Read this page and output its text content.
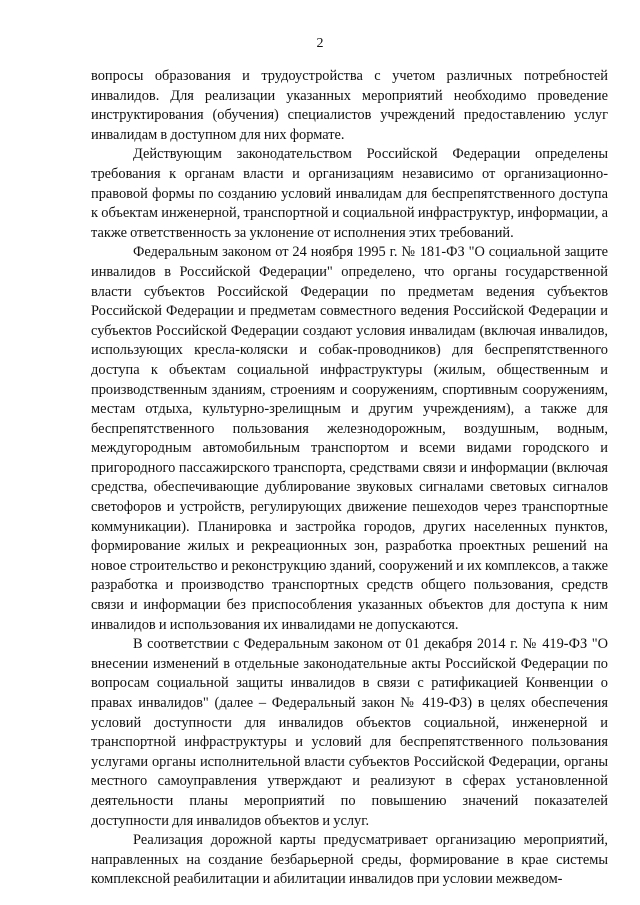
2

вопросы образования и трудоустройства с учетом различных потребностей инвалидов. Для реализации указанных мероприятий необходимо проведение инструктирования (обучения) специалистов учреждений предоставлению услуг инвалидам в доступном для них формате.

Действующим законодательством Российской Федерации определены требования к органам власти и организациям независимо от организационно-правовой формы по созданию условий инвалидам для беспрепятственного доступа к объектам инженерной, транспортной и социальной инфраструктур, информации, а также ответственность за уклонение от исполнения этих требований.

Федеральным законом от 24 ноября 1995 г. № 181-ФЗ "О социальной защите инвалидов в Российской Федерации" определено, что органы государственной власти субъектов Российской Федерации по предметам ведения субъектов Российской Федерации и предметам совместного ведения Российской Федерации и субъектов Российской Федерации создают условия инвалидам (включая инвалидов, использующих кресла-коляски и собак-проводников) для беспрепятственного доступа к объектам социальной инфраструктуры (жилым, общественным и производственным зданиям, строениям и сооружениям, спортивным сооружениям, местам отдыха, культурно-зрелищным и другим учреждениям), а также для беспрепятственного пользования железнодорожным, воздушным, водным, междугородным автомобильным транспортом и всеми видами городского и пригородного пассажирского транспорта, средствами связи и информации (включая средства, обеспечивающие дублирование звуковых сигналами световых сигналов светофоров и устройств, регулирующих движение пешеходов через транспортные коммуникации). Планировка и застройка городов, других населенных пунктов, формирование жилых и рекреационных зон, разработка проектных решений на новое строительство и реконструкцию зданий, сооружений и их комплексов, а также разработка и производство транспортных средств общего пользования, средств связи и информации без приспособления указанных объектов для доступа к ним инвалидов и использования их инвалидами не допускаются.

В соответствии с Федеральным законом от 01 декабря 2014 г. № 419-ФЗ "О внесении изменений в отдельные законодательные акты Российской Федерации по вопросам социальной защиты инвалидов в связи с ратификацией Конвенции о правах инвалидов" (далее – Федеральный закон № 419-ФЗ) в целях обеспечения условий доступности для инвалидов объектов социальной, инженерной и транспортной инфраструктуры и условий для беспрепятственного пользования услугами органы исполнительной власти субъектов Российской Федерации, органы местного самоуправления утверждают и реализуют в сферах установленной деятельности планы мероприятий по повышению значений показателей доступности для инвалидов объектов и услуг.

Реализация дорожной карты предусматривает организацию мероприятий, направленных на создание безбарьерной среды, формирование в крае системы комплексной реабилитации и абилитации инвалидов при условии межведом-
